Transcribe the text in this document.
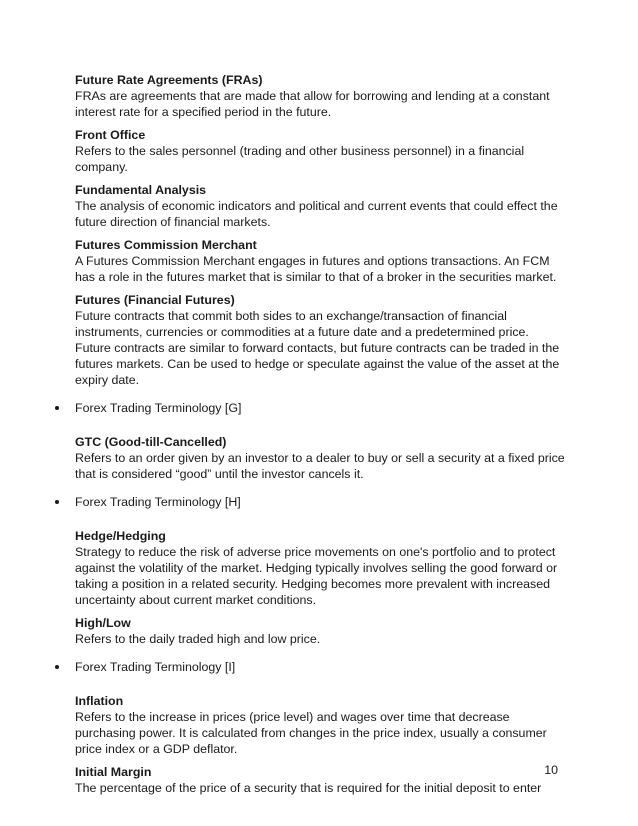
Future Rate Agreements (FRAs)
FRAs are agreements that are made that allow for borrowing and lending at a constant interest rate for a specified period in the future.
Front Office
Refers to the sales personnel (trading and other business personnel) in a financial company.
Fundamental Analysis
The analysis of economic indicators and political and current events that could effect the future direction of financial markets.
Futures Commission Merchant
A Futures Commission Merchant engages in futures and options transactions. An FCM has a role in the futures market that is similar to that of a broker in the securities market.
Futures (Financial Futures)
Future contracts that commit both sides to an exchange/transaction of financial instruments, currencies or commodities at a future date and a predetermined price. Future contracts are similar to forward contacts, but future contracts can be traded in the futures markets. Can be used to hedge or speculate against the value of the asset at the expiry date.
Forex Trading Terminology [G]
GTC (Good-till-Cancelled)
Refers to an order given by an investor to a dealer to buy or sell a security at a fixed price that is considered “good” until the investor cancels it.
Forex Trading Terminology [H]
Hedge/Hedging
Strategy to reduce the risk of adverse price movements on one's portfolio and to protect against the volatility of the market. Hedging typically involves selling the good forward or taking a position in a related security. Hedging becomes more prevalent with increased uncertainty about current market conditions.
High/Low
Refers to the daily traded high and low price.
Forex Trading Terminology [I]
Inflation
Refers to the increase in prices (price level) and wages over time that decrease purchasing power. It is calculated from changes in the price index, usually a consumer price index or a GDP deflator.
Initial Margin
The percentage of the price of a security that is required for the initial deposit to enter
10
